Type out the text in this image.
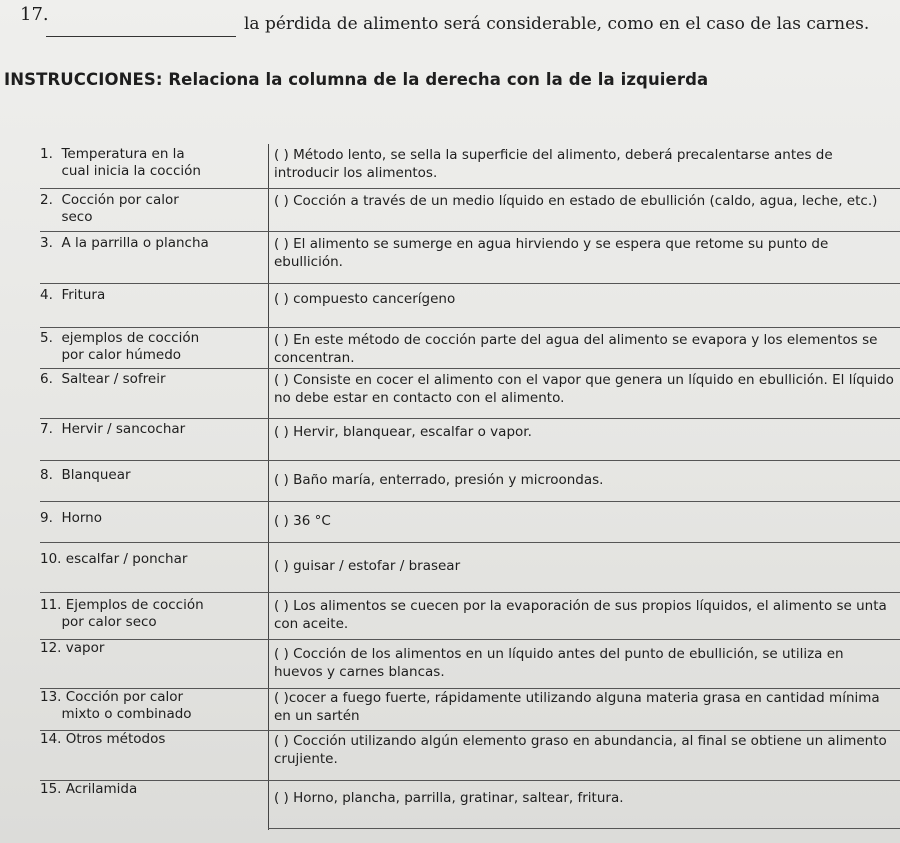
17.	la pérdida de alimento será considerable, como en el caso de las carnes.
INSTRUCCIONES: Relaciona la columna de la derecha con la de la izquierda
1.  Temperatura en la
cual inicia la cocción
( ) Método lento, se sella la superficie del alimento, deberá precalentarse antes de introducir los alimentos.
2.  Cocción por calor
seco
( ) Cocción a través de un medio líquido en estado de ebullición (caldo, agua, leche, etc.)
3.  A la parrilla o plancha	( ) El alimento se sumerge en agua hirviendo y se espera que retome su punto de ebullición.
4.  Fritura	( ) compuesto cancerígeno
5.  ejemplos de cocción
por calor húmedo
( ) En este método de cocción parte del agua del alimento se evapora y los elementos se concentran.
6.  Saltear / sofreir	( ) Consiste en cocer el alimento con el vapor que genera un líquido en ebullición. El líquido no debe estar en contacto con el alimento.
7.  Hervir / sancochar	( ) Hervir, blanquear, escalfar o vapor.
8.  Blanquear	( ) Baño maría, enterrado, presión y microondas.
9.  Horno	( ) 36 °C
10. escalfar / ponchar	( ) guisar / estofar / brasear
11. Ejemplos de cocción
por calor seco
( ) Los alimentos se cuecen por la evaporación de sus propios líquidos, el alimento se unta con aceite.
12. vapor	( ) Cocción de los alimentos en un líquido antes del punto de ebullición, se utiliza en huevos y carnes blancas.
13. Cocción por calor
mixto o combinado
( )cocer a fuego fuerte, rápidamente utilizando alguna materia grasa en cantidad mínima en un sartén
14. Otros métodos	( ) Cocción utilizando algún elemento graso en abundancia, al final se obtiene un alimento crujiente.
15. Acrilamida
( ) Horno, plancha, parrilla, gratinar, saltear, fritura.
